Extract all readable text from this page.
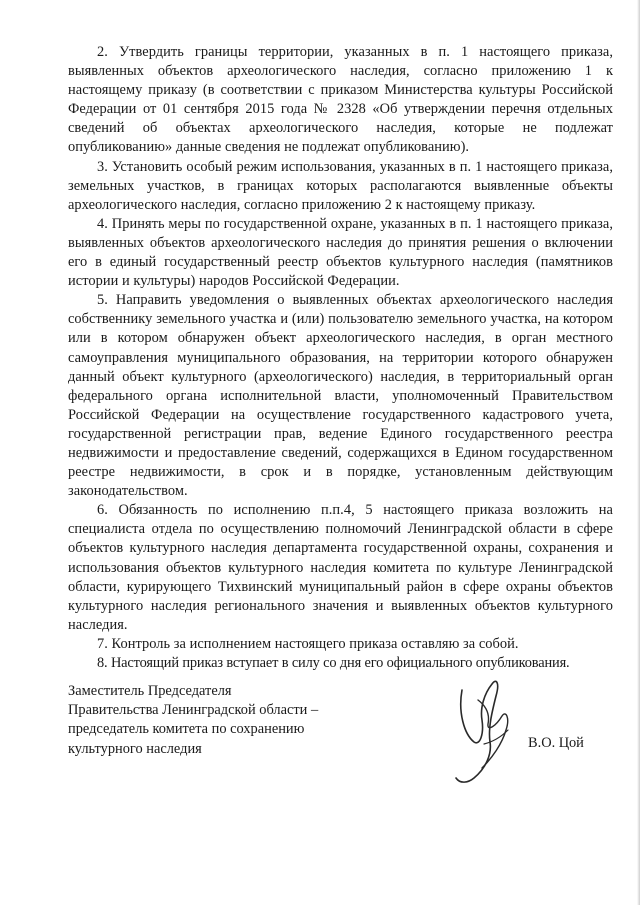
2. Утвердить границы территории, указанных в п. 1 настоящего приказа, выявленных объектов археологического наследия, согласно приложению 1 к настоящему приказу (в соответствии с приказом Министерства культуры Российской Федерации от 01 сентября 2015 года № 2328 «Об утверждении перечня отдельных сведений об объектах археологического наследия, которые не подлежат опубликованию» данные сведения не подлежат опубликованию).

3. Установить особый режим использования, указанных в п. 1 настоящего приказа, земельных участков, в границах которых располагаются выявленные объекты археологического наследия, согласно приложению 2 к настоящему приказу.

4. Принять меры по государственной охране, указанных в п. 1 настоящего приказа, выявленных объектов археологического наследия до принятия решения о включении его в единый государственный реестр объектов культурного наследия (памятников истории и культуры) народов Российской Федерации.

5. Направить уведомления о выявленных объектах археологического наследия собственнику земельного участка и (или) пользователю земельного участка, на котором или в котором обнаружен объект археологического наследия, в орган местного самоуправления муниципального образования, на территории которого обнаружен данный объект культурного (археологического) наследия, в территориальный орган федерального органа исполнительной власти, уполномоченный Правительством Российской Федерации на осуществление государственного кадастрового учета, государственной регистрации прав, ведение Единого государственного реестра недвижимости и предоставление сведений, содержащихся в Едином государственном реестре недвижимости, в срок и в порядке, установленным действующим законодательством.

6. Обязанность по исполнению п.п.4, 5 настоящего приказа возложить на специалиста отдела по осуществлению полномочий Ленинградской области в сфере объектов культурного наследия департамента государственной охраны, сохранения и использования объектов культурного наследия комитета по культуре Ленинградской области, курирующего Тихвинский муниципальный район в сфере охраны объектов культурного наследия регионального значения и выявленных объектов культурного наследия.

7. Контроль за исполнением настоящего приказа оставляю за собой.

8. Настоящий приказ вступает в силу со дня его официального опубликования.

Заместитель Председателя
Правительства Ленинградской области –
председатель комитета по сохранению
культурного наследия	В.О. Цой
